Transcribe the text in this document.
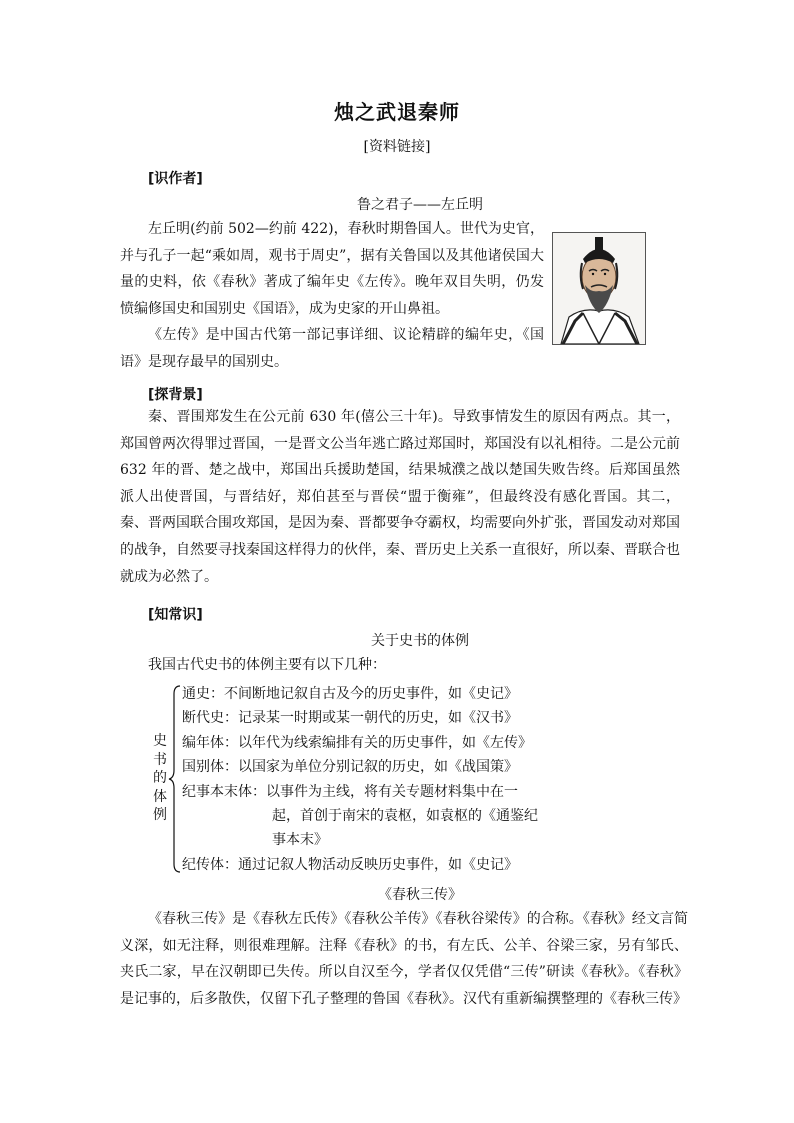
烛之武退秦师
[资料链接]
[识作者]
鲁之君子——左丘明

左丘明(约前 502—约前 422)，春秋时期鲁国人。世代为史官，并与孔子一起“乘如周，观书于周史”，据有关鲁国以及其他诸侯国大量的史料，依《春秋》著成了编年史《左传》。晚年双目失明，仍发愤编修国史和国别史《国语》，成为史家的开山鼻祖。

《左传》是中国古代第一部记事详细、议论精辟的编年史，《国语》是现存最早的国别史。

[探背景]

秦、晋围郑发生在公元前 630 年(僖公三十年)。导致事情发生的原因有两点。其一，郑国曾两次得罪过晋国，一是晋文公当年逃亡路过郑国时，郑国没有以礼相待。二是公元前 632 年的晋、楚之战中，郑国出兵援助楚国，结果城濮之战以楚国失败告终。后郑国虽然派人出使晋国，与晋结好，郑伯甚至与晋侯“盟于衡雍”，但最终没有感化晋国。其二，秦、晋两国联合围攻郑国，是因为秦、晋都要争夺霸权，均需要向外扩张，晋国发动对郑国的战争，自然要寻找秦国这样得力的伙伴，秦、晋历史上关系一直很好，所以秦、晋联合也就成为必然了。

[知常识]
关于史书的体例
我国古代史书的体例主要有以下几种：
史
书
的
体
例
通史：不间断地记叙自古及今的历史事件，如《史记》
断代史：记录某一时期或某一朝代的历史，如《汉书》
编年体：以年代为线索编排有关的历史事件，如《左传》
国别体：以国家为单位分别记叙的历史，如《战国策》
纪事本末体：以事件为主线，将有关专题材料集中在一
起，首创于南宋的袁枢，如袁枢的《通鉴纪
事本末》
纪传体：通过记叙人物活动反映历史事件，如《史记》
《春秋三传》

《春秋三传》是《春秋左氏传》《春秋公羊传》《春秋谷梁传》的合称。《春秋》经文言简义深，如无注释，则很难理解。注释《春秋》的书，有左氏、公羊、谷梁三家，另有邹氏、夹氏二家，早在汉朝即已失传。所以自汉至今，学者仅仅凭借“三传”研读《春秋》。《春秋》是记事的，后多散佚，仅留下孔子整理的鲁国《春秋》。汉代有重新编撰整理的《春秋三传》
